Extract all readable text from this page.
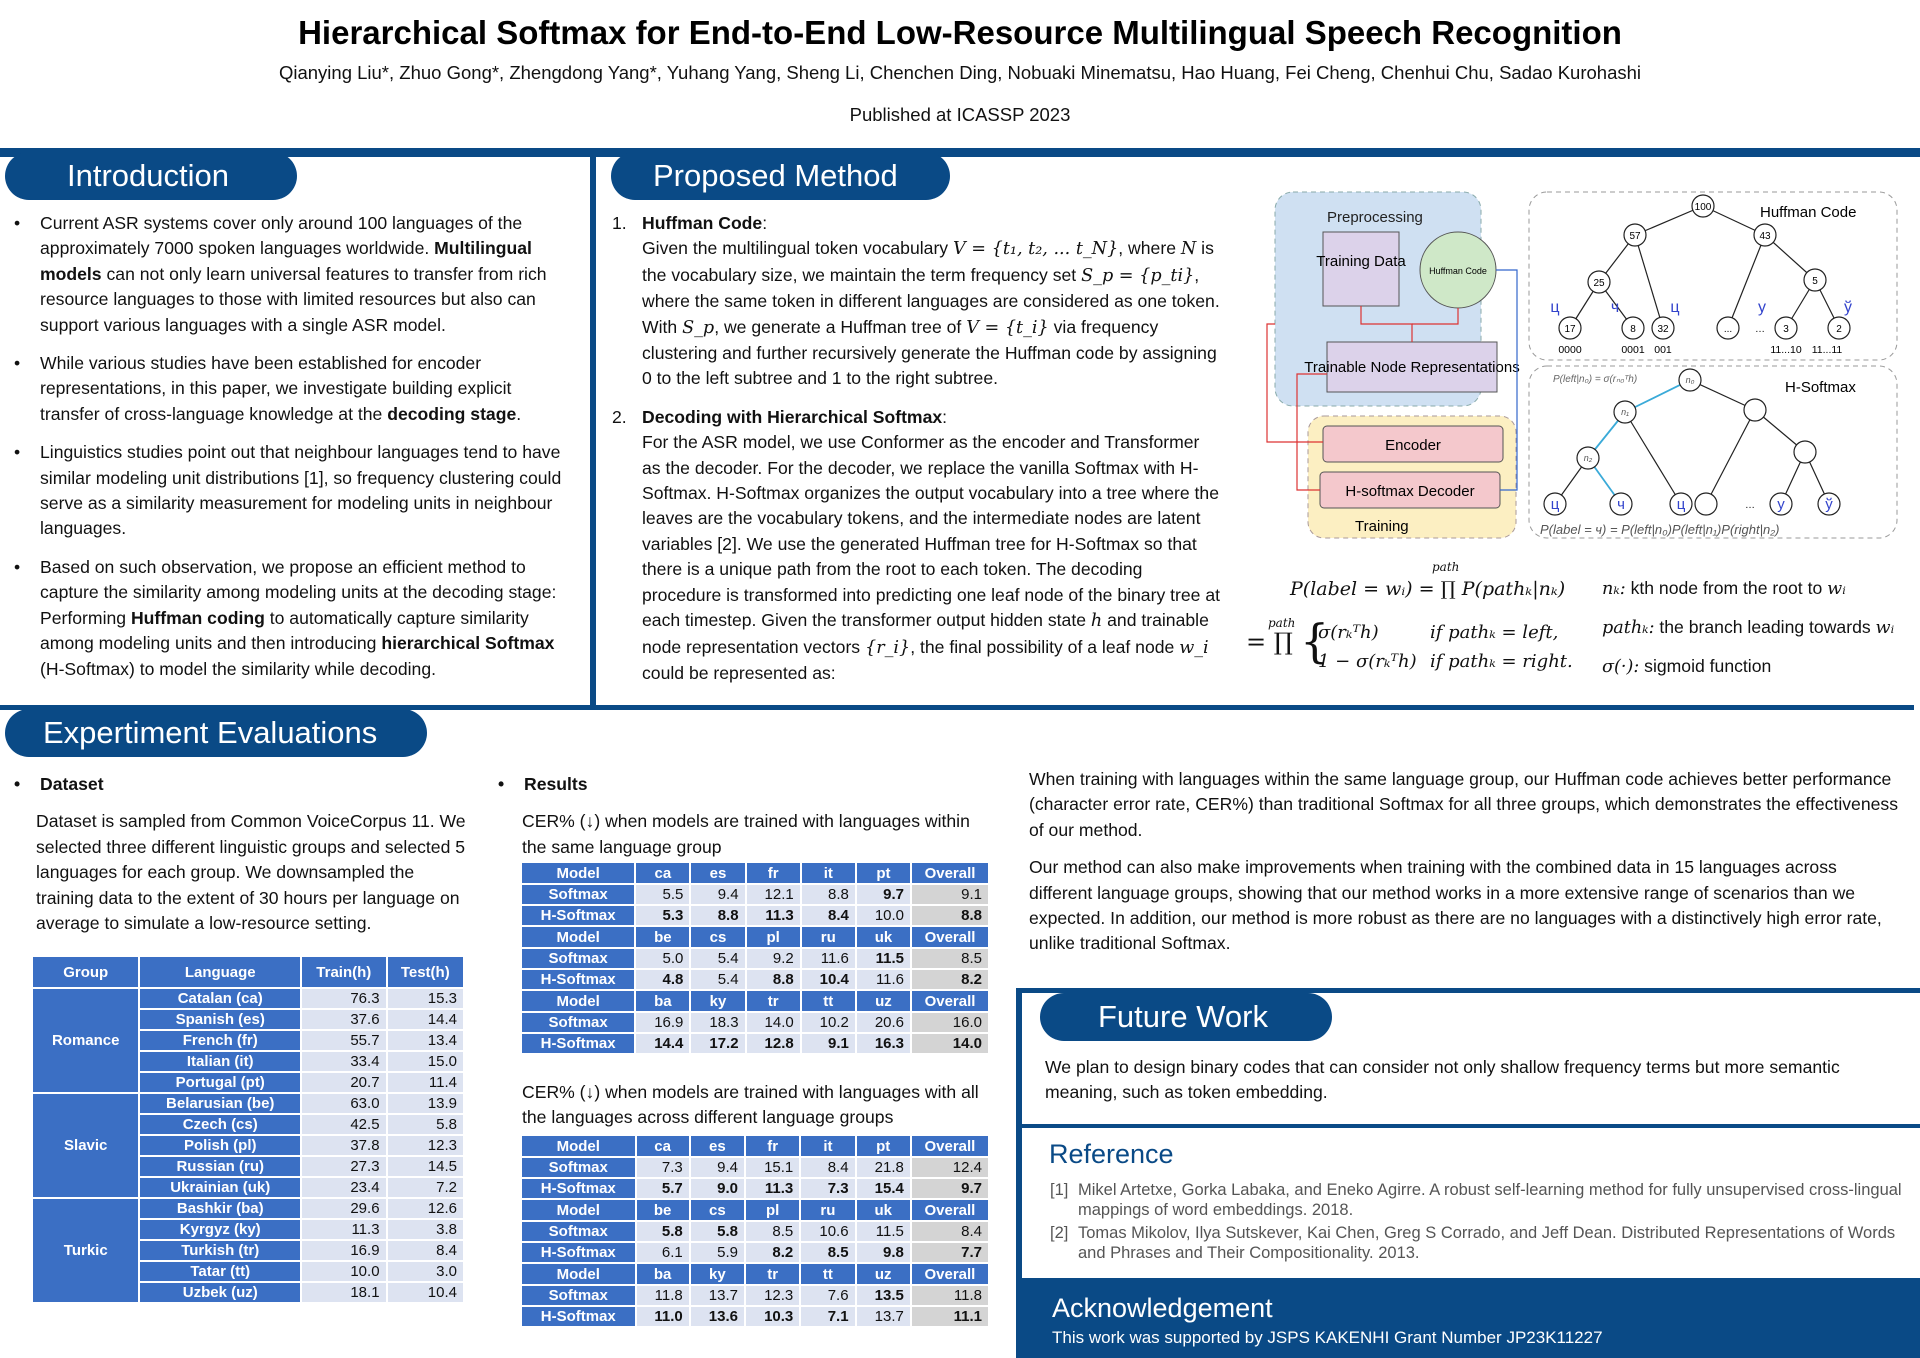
Hierarchical Softmax for End-to-End Low-Resource Multilingual Speech Recognition
Qianying Liu*, Zhuo Gong*, Zhengdong Yang*, Yuhang Yang, Sheng Li, Chenchen Ding, Nobuaki Minematsu, Hao Huang, Fei Cheng, Chenhui Chu, Sadao Kurohashi
Published at ICASSP 2023
Introduction
• Current ASR systems cover only around 100 languages of the approximately 7000 spoken languages worldwide. Multilingual models can not only learn universal features to transfer from rich resource languages to those with limited resources but also can support various languages with a single ASR model.
• While various studies have been established for encoder representations, in this paper, we investigate building explicit transfer of cross-language knowledge at the decoding stage.
• Linguistics studies point out that neighbour languages tend to have similar modeling unit distributions [1], so frequency clustering could serve as a similarity measurement for modeling units in neighbour languages.
• Based on such observation, we propose an efficient method to capture the similarity among modeling units at the decoding stage: Performing Huffman coding to automatically capture similarity among modeling units and then introducing hierarchical Softmax (H-Softmax) to model the similarity while decoding.
Proposed Method
1. Huffman Code:
Given the multilingual token vocabulary V = {t₁, t₂, ... t_N}, where N is the vocabulary size, we maintain the term frequency set S_p = {p_ti}, where the same token in different languages are considered as one token. With S_p, we generate a Huffman tree of V = {t_i} via frequency clustering and further recursively generate the Huffman code by assigning 0 to the left subtree and 1 to the right subtree.
2. Decoding with Hierarchical Softmax:
For the ASR model, we use Conformer as the encoder and Transformer as the decoder. For the decoder, we replace the vanilla Softmax with H-Softmax. H-Softmax organizes the output vocabulary into a tree where the leaves are the vocabulary tokens, and the intermediate nodes are latent variables [2]. We use the generated Huffman tree for H-Softmax so that there is a unique path from the root to each token. The decoding procedure is transformed into predicting one leaf node of the binary tree at each timestep. Given the transformer output hidden state h and trainable node representation vectors {r_i}, the final possibility of a leaf node w_i could be represented as:
Preprocessing
Training Data
Huffman Code
Trainable Node Representations
Encoder
H-softmax Decoder
Training
Huffman Code
100
57	43
25	5
17	8 32	...	3	2
…
0000	0001 001	11...10 11...11
ц	ч	ц	у	ў
H-Softmax
P(left|n₀) = σ(rₙ₀ᵀh)	n₀
n₁
n₂
ц	ч	ц	у	ў
…
P(label = ч) = P(left|n₀)P(left|n₁)P(right|n₂)
path
P(label = wᵢ) = ∏ P(pathₖ|nₖ)
path
= ∏ {
σ(rₖᵀh)	if pathₖ = left,
1 − σ(rₖᵀh) if pathₖ = right.
nₖ: kth node from the root to wᵢ
pathₖ: the branch leading towards wᵢ
σ(·): sigmoid function
Expertiment Evaluations
• Dataset
Dataset is sampled from Common VoiceCorpus 11. We selected three different linguistic groups and selected 5 languages for each group. We downsampled the training data to the extent of 30 hours per language on average to simulate a low-resource setting.
Group	Language	Train(h)	Test(h)
Romance	Catalan (ca)	76.3	15.3
	Spanish (es)	37.6	14.4
	French (fr)	55.7	13.4
	Italian (it)	33.4	15.0
	Portugal (pt)	20.7	11.4
Slavic	Belarusian (be)	63.0	13.9
	Czech (cs)	42.5	5.8
	Polish (pl)	37.8	12.3
	Russian (ru)	27.3	14.5
	Ukrainian (uk)	23.4	7.2
Turkic	Bashkir (ba)	29.6	12.6
	Kyrgyz (ky)	11.3	3.8
	Turkish (tr)	16.9	8.4
	Tatar (tt)	10.0	3.0
	Uzbek (uz)	18.1	10.4
• Results
CER% (↓) when models are trained with languages within the same language group
Model	ca	es	fr	it	pt	Overall
Softmax	5.5	9.4	12.1	8.8	9.7	9.1
H-Softmax	5.3	8.8	11.3	8.4	10.0	8.8
Model	be	cs	pl	ru	uk	Overall
Softmax	5.0	5.4	9.2	11.6	11.5	8.5
H-Softmax	4.8	5.4	8.8	10.4	11.6	8.2
Model	ba	ky	tr	tt	uz	Overall
Softmax	16.9	18.3	14.0	10.2	20.6	16.0
H-Softmax	14.4	17.2	12.8	9.1	16.3	14.0
CER% (↓) when models are trained with languages with all the languages across different language groups
Model	ca	es	fr	it	pt	Overall
Softmax	7.3	9.4	15.1	8.4	21.8	12.4
H-Softmax	5.7	9.0	11.3	7.3	15.4	9.7
Model	be	cs	pl	ru	uk	Overall
Softmax	5.8	5.8	8.5	10.6	11.5	8.4
H-Softmax	6.1	5.9	8.2	8.5	9.8	7.7
Model	ba	ky	tr	tt	uz	Overall
Softmax	11.8	13.7	12.3	7.6	13.5	11.8
H-Softmax	11.0	13.6	10.3	7.1	13.7	11.1

When training with languages within the same language group, our Huffman code achieves better performance (character error rate, CER%) than traditional Softmax for all three groups, which demonstrates the effectiveness of our method.

Our method can also make improvements when training with the combined data in 15 languages across different language groups, showing that our method works in a more extensive range of scenarios than we expected. In addition, our method is more robust as there are no languages with a distinctively high error rate, unlike traditional Softmax.

Future Work
We plan to design binary codes that can consider not only shallow frequency terms but more semantic meaning, such as token embedding.
Reference
[1] Mikel Artetxe, Gorka Labaka, and Eneko Agirre. A robust self-learning method for fully unsupervised cross-lingual mappings of word embeddings. 2018.
[2] Tomas Mikolov, Ilya Sutskever, Kai Chen, Greg S Corrado, and Jeff Dean. Distributed Representations of Words and Phrases and Their Compositionality. 2013.
Acknowledgement
This work was supported by JSPS KAKENHI Grant Number JP23K11227
